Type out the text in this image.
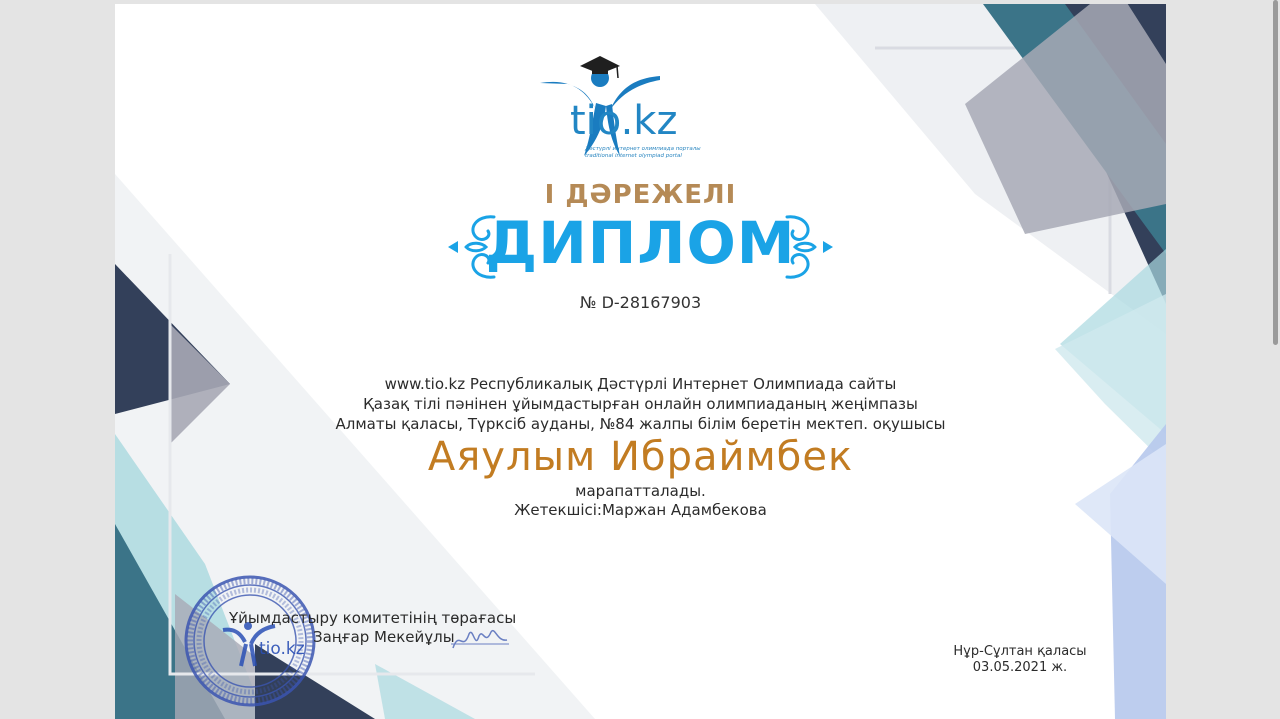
tio.kz
Дәстүрлі интернет олимпиада порталы
traditional internet olympiad portal
I ДӘРЕЖЕЛІ
ДИПЛОМ
№ D-28167903
www.tio.kz Республикалық Дәстүрлі Интернет Олимпиада сайты
Қазақ тілі пәнінен ұйымдастырған онлайн олимпиаданың жеңімпазы
Алматы қаласы, Түрксіб ауданы, №84 жалпы білім беретін мектеп. оқушысы
Аяулым Ибраймбек
марапатталады.
Жетекшісі:Маржан Адамбекова
tio.kz
Ұйымдастыру комитетінің төрағасы
Заңғар Мекейұлы
Нұр-Сұлтан қаласы
03.05.2021 ж.
